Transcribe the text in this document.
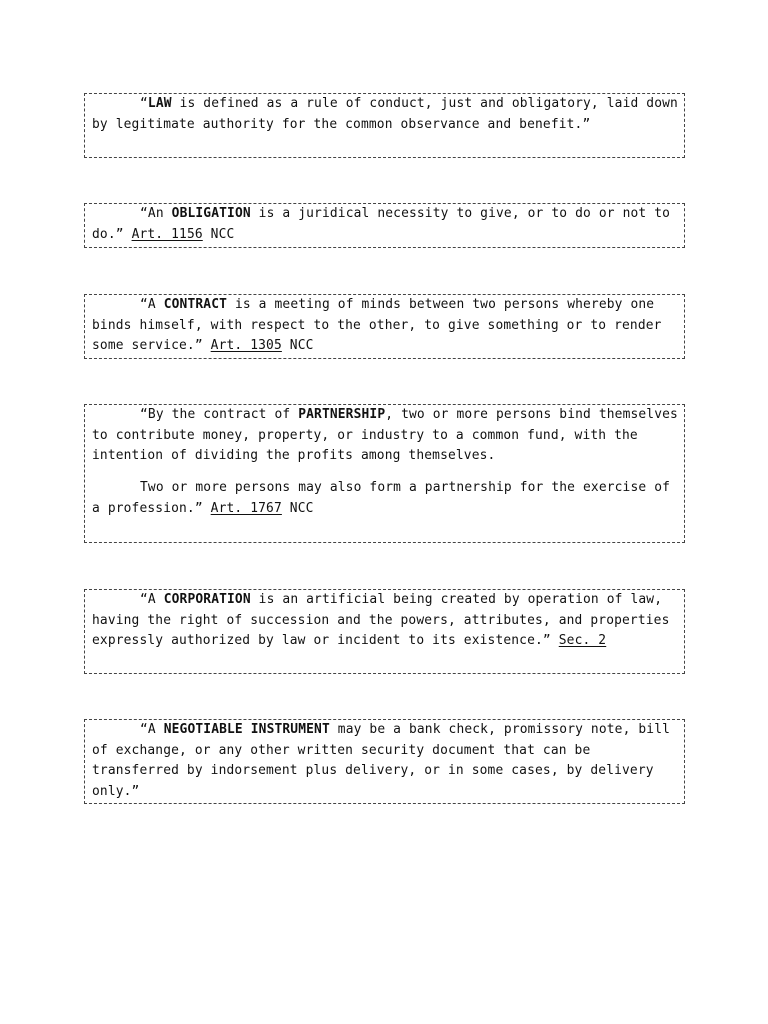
“LAW is defined as a rule of conduct, just and obligatory, laid down by legitimate authority for the common observance and benefit.”

“An OBLIGATION is a juridical necessity to give, or to do or not to do.” Art. 1156 NCC

“A CONTRACT is a meeting of minds between two persons whereby one binds himself, with respect to the other, to give something or to render some service.” Art. 1305 NCC

“By the contract of PARTNERSHIP, two or more persons bind themselves to contribute money, property, or industry to a common fund, with the intention of dividing the profits among themselves.

Two or more persons may also form a partnership for the exercise of a profession.” Art. 1767 NCC

“A CORPORATION is an artificial being created by operation of law, having the right of succession and the powers, attributes, and properties expressly authorized by law or incident to its existence.” Sec. 2

“A NEGOTIABLE INSTRUMENT may be a bank check, promissory note, bill of exchange, or any other written security document that can be transferred by indorsement plus delivery, or in some cases, by delivery only.”
